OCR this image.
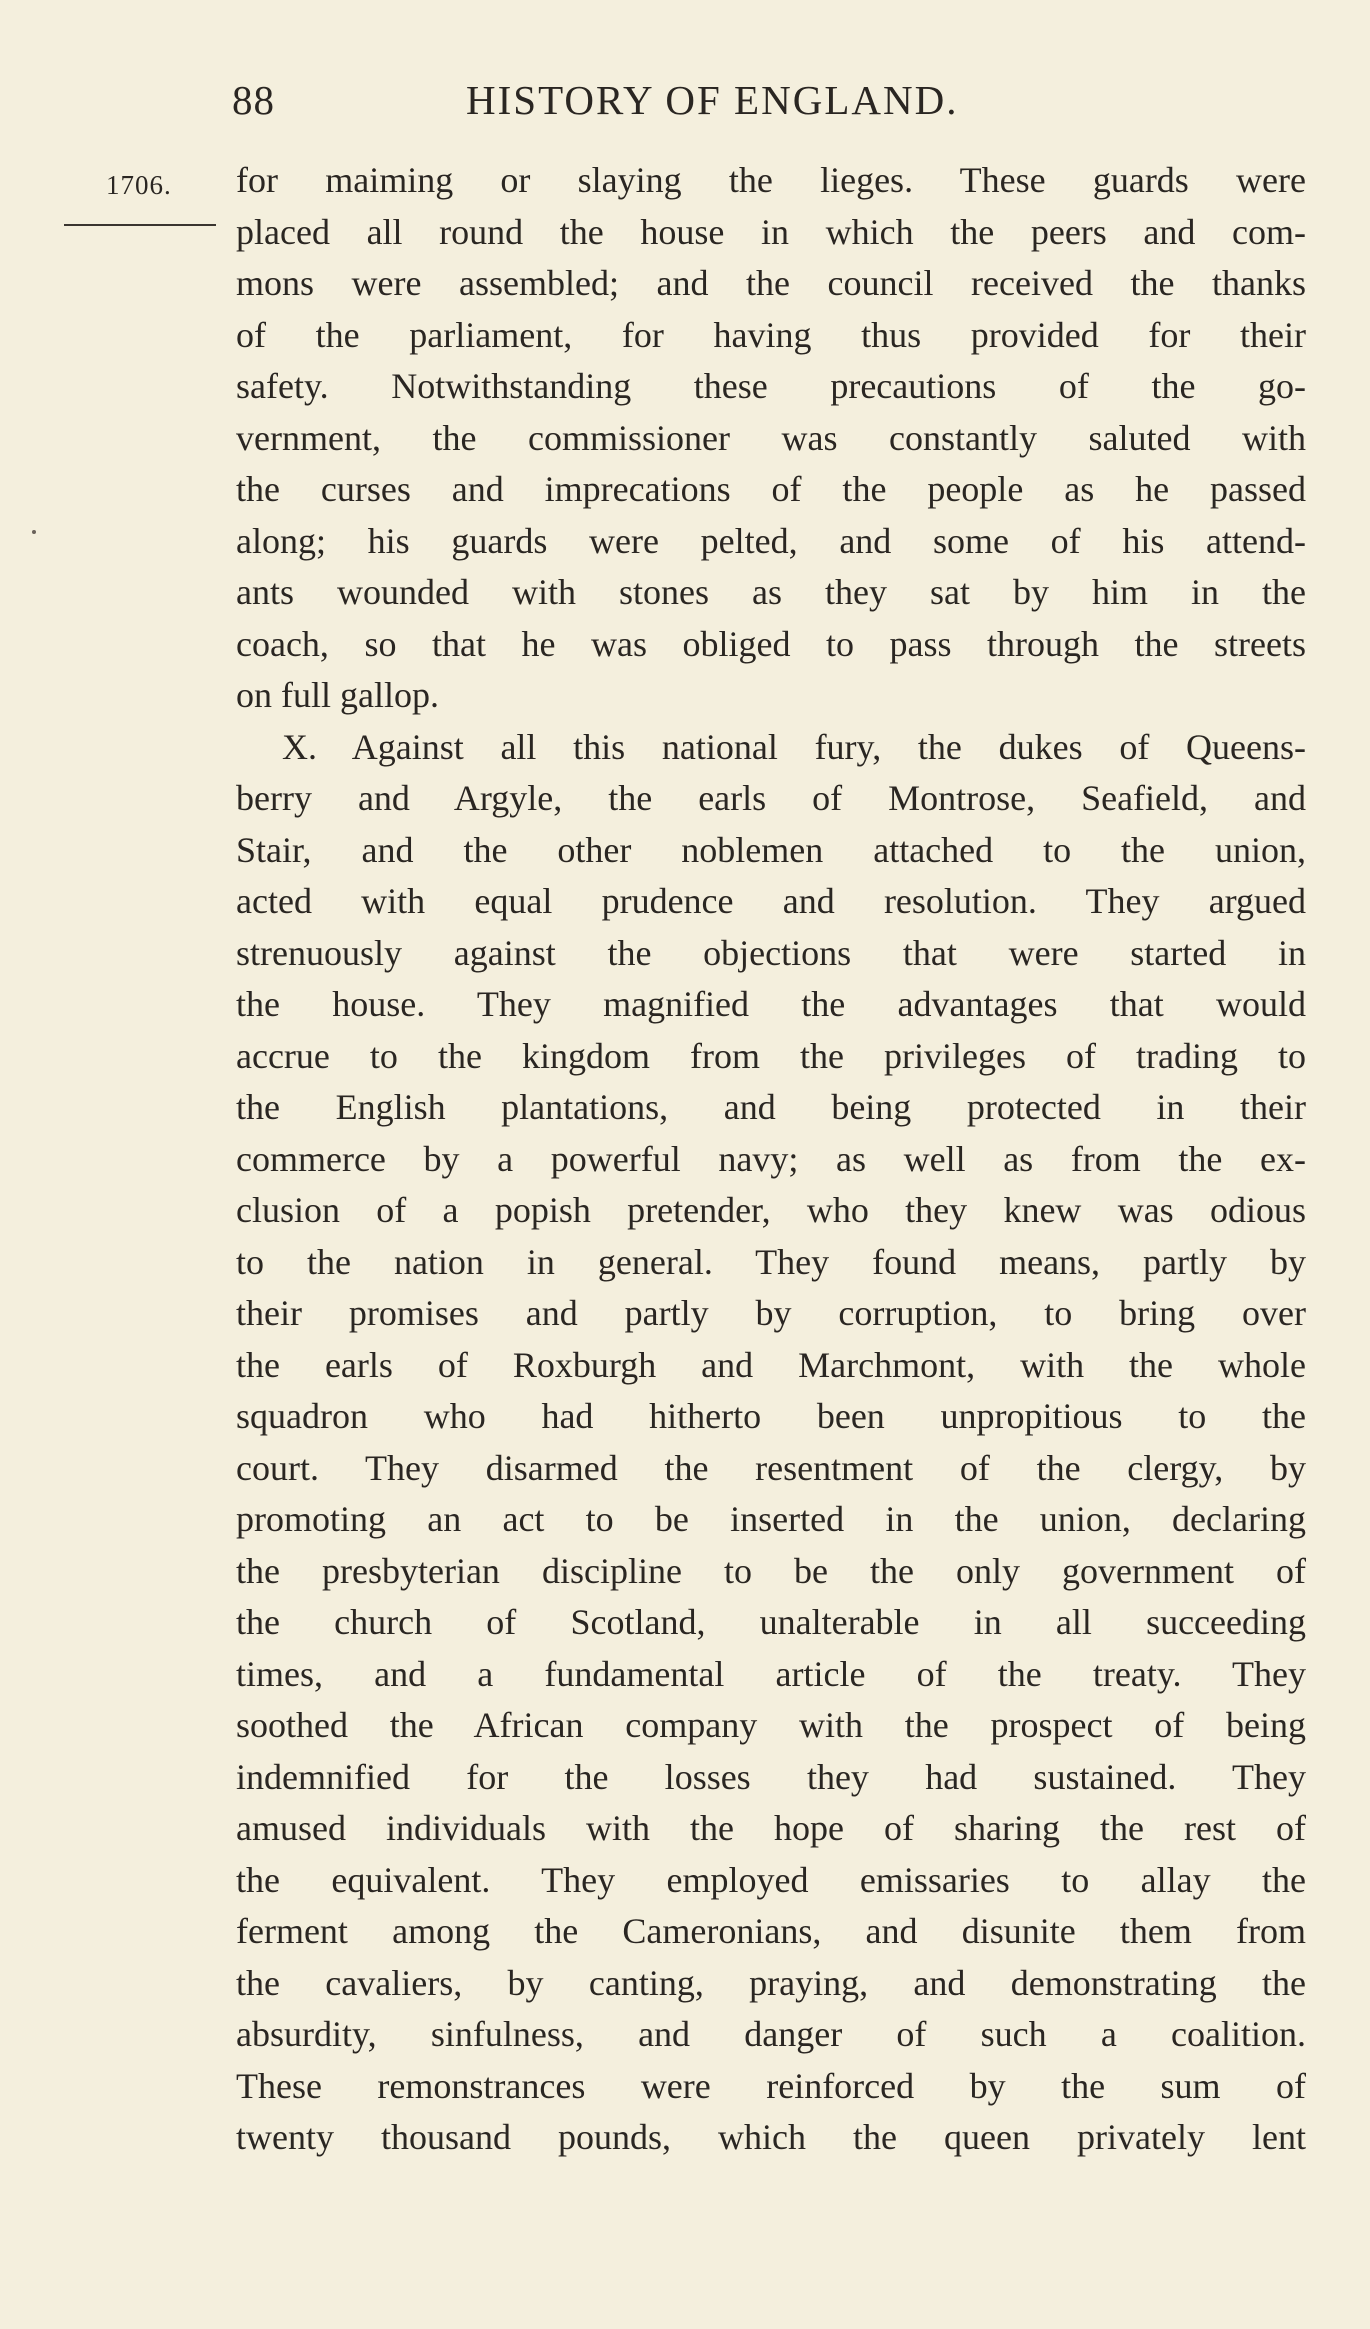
88	HISTORY OF ENGLAND.
1706. for maiming or slaying the lieges. These guards were
placed all round the house in which the peers and com-
mons were assembled; and the council received the thanks
of the parliament, for having thus provided for their
safety. Notwithstanding these precautions of the go-
vernment, the commissioner was constantly saluted with
the curses and imprecations of the people as he passed
along; his guards were pelted, and some of his attend-
ants wounded with stones as they sat by him in the
coach, so that he was obliged to pass through the streets
on full gallop.
X. Against all this national fury, the dukes of Queens-
berry and Argyle, the earls of Montrose, Seafield, and
Stair, and the other noblemen attached to the union,
acted with equal prudence and resolution. They argued
strenuously against the objections that were started in
the house. They magnified the advantages that would
accrue to the kingdom from the privileges of trading to
the English plantations, and being protected in their
commerce by a powerful navy; as well as from the ex-
clusion of a popish pretender, who they knew was odious
to the nation in general. They found means, partly by
their promises and partly by corruption, to bring over
the earls of Roxburgh and Marchmont, with the whole
squadron who had hitherto been unpropitious to the
court. They disarmed the resentment of the clergy, by
promoting an act to be inserted in the union, declaring
the presbyterian discipline to be the only government of
the church of Scotland, unalterable in all succeeding
times, and a fundamental article of the treaty. They
soothed the African company with the prospect of being
indemnified for the losses they had sustained. They
amused individuals with the hope of sharing the rest of
the equivalent. They employed emissaries to allay the
ferment among the Cameronians, and disunite them from
the cavaliers, by canting, praying, and demonstrating the
absurdity, sinfulness, and danger of such a coalition.
These remonstrances were reinforced by the sum of
twenty thousand pounds, which the queen privately lent
